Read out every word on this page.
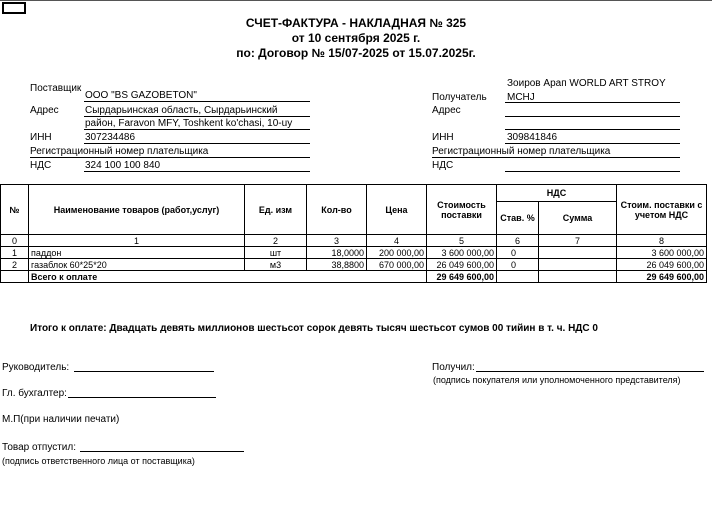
СЧЕТ-ФАКТУРА - НАКЛАДНАЯ № 325
от 10 сентября 2025 г.
по: Договор № 15/07-2025 от 15.07.2025г.
Поставщик
ООО "BS GAZOBETON"
Адрес	Сырдарьинская область, Сырдарьинский
район, Faravon MFY, Toshkent ko'chasi, 10-uy
ИНН	307234486
Регистрационный номер плательщика
НДС	324 100 100 840
Зоиров Арап WORLD ART STROY
Получатель MCHJ
Адрес
ИНН	309841846
Регистрационный номер плательщика
НДС
№	Наименование товаров (работ,услуг)	Ед. изм	Кол-во	Цена	Стоимость поставки	НДС		Стоим. поставки с учетом НДС
						Став. %	Сумма	
0	1	2	3	4	5	6	7	8
1	паддон	шт	18,0000	200 000,00	3 600 000,00	0		3 600 000,00
2	газаблок 60*25*20	м3	38,8800	670 000,00	26 049 600,00	0		26 049 600,00
	Всего к оплате				29 649 600,00			29 649 600,00
Итого к оплате: Двадцать девять миллионов шестьсот сорок девять тысяч шестьсот сумов 00 тийин в т. ч. НДС 0
Руководитель:
Гл. бухгалтер:
М.П(при наличии печати)
Товар отпустил:
(подпись ответственного лица от поставщика)
Получил:
(подпись покупателя или уполномоченного представителя)
